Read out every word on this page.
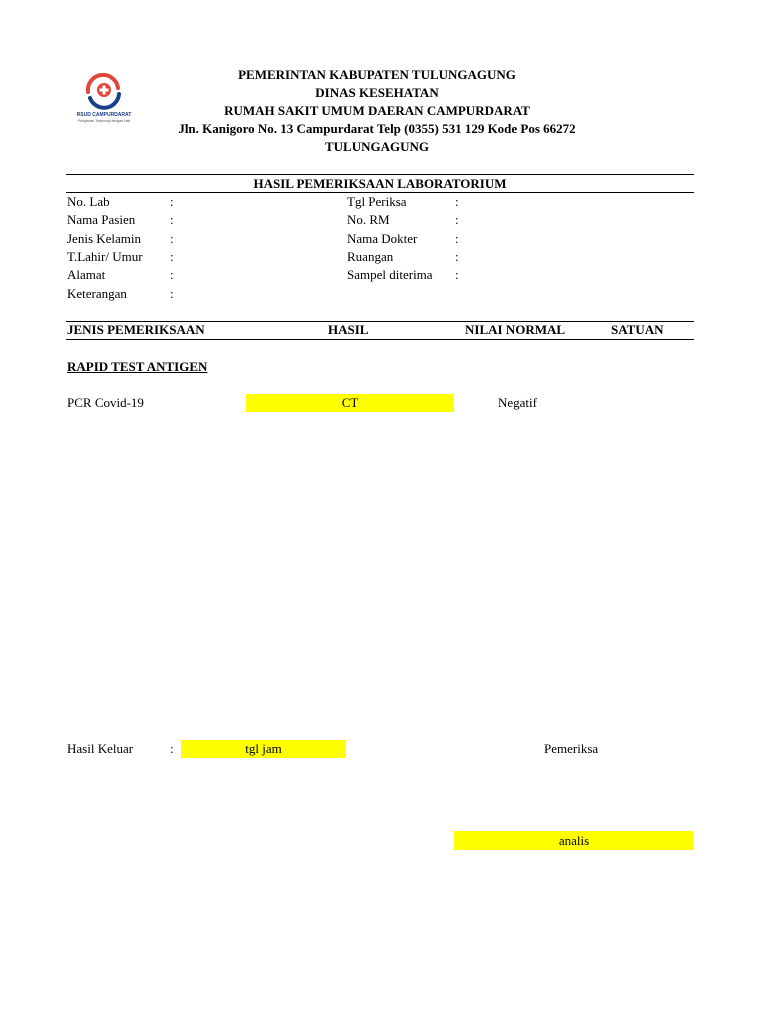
RSUD CAMPURDARAT
Pelayanan Terpercaji dengan Hati
PEMERINTAN KABUPATEN TULUNGAGUNG
DINAS KESEHATAN
RUMAH SAKIT UMUM DAERAN CAMPURDARAT
Jln. Kanigoro No. 13 Campurdarat Telp (0355) 531 129 Kode Pos 66272
TULUNGAGUNG
HASIL PEMERIKSAAN LABORATORIUM
No. Lab	:
Nama Pasien	:
Jenis Kelamin :
T.Lahir/ Umur :
Alamat	:
Keterangan	:
Tgl Periksa	:
No. RM	:
Nama Dokter	:
Ruangan	:
Sampel diterima :
JENIS PEMERIKSAAN	HASIL	NILAI NORMAL	SATUAN
RAPID TEST ANTIGEN
PCR Covid-19	CT	Negatif
Hasil Keluar	:	tgl jam	Pemeriksa
analis
